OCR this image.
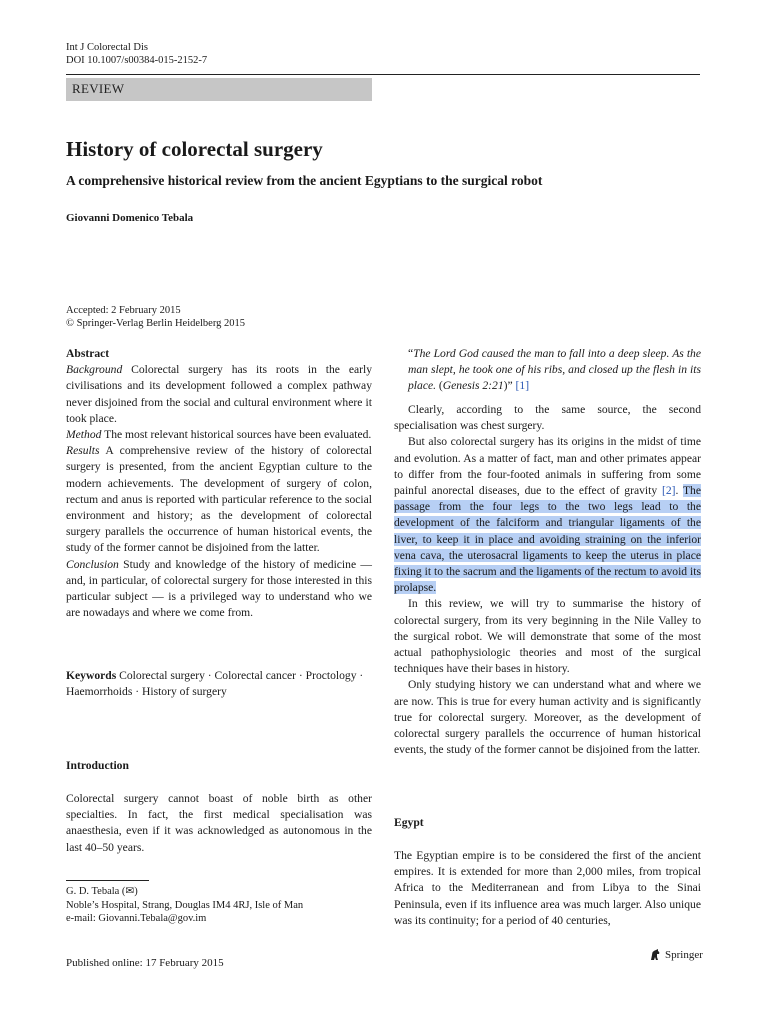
Int J Colorectal Dis
DOI 10.1007/s00384-015-2152-7
REVIEW
History of colorectal surgery
A comprehensive historical review from the ancient Egyptians to the surgical robot
Giovanni Domenico Tebala
Accepted: 2 February 2015
© Springer-Verlag Berlin Heidelberg 2015

Abstract

Background Colorectal surgery has its roots in the early civilisations and its development followed a complex pathway never disjoined from the social and cultural environment where it took place.

Method The most relevant historical sources have been evaluated.

Results A comprehensive review of the history of colorectal surgery is presented, from the ancient Egyptian culture to the modern achievements. The development of surgery of colon, rectum and anus is reported with particular reference to the social environment and history; as the development of colorectal surgery parallels the occurrence of human historical events, the study of the former cannot be disjoined from the latter.

Conclusion Study and knowledge of the history of medicine — and, in particular, of colorectal surgery for those interested in this particular subject — is a privileged way to understand who we are nowadays and where we come from.

Keywords Colorectal surgery · Colorectal cancer · Proctology · Haemorrhoids · History of surgery

Introduction

Colorectal surgery cannot boast of noble birth as other specialties. In fact, the first medical specialisation was anaesthesia, even if it was acknowledged as autonomous in the last 40–50 years.

G. D. Tebala (✉)
Noble’s Hospital, Strang, Douglas IM4 4RJ, Isle of Man
e-mail: Giovanni.Tebala@gov.im
Published online: 17 February 2015
Springer

“The Lord God caused the man to fall into a deep sleep. As the man slept, he took one of his ribs, and closed up the flesh in its place. (Genesis 2:21)” [1]

Clearly, according to the same source, the second specialisation was chest surgery.

But also colorectal surgery has its origins in the midst of time and evolution. As a matter of fact, man and other primates appear to differ from the four-footed animals in suffering from some painful anorectal diseases, due to the effect of gravity [2]. The passage from the four legs to the two legs lead to the development of the falciform and triangular ligaments of the liver, to keep it in place and avoiding straining on the inferior vena cava, the uterosacral ligaments to keep the uterus in place fixing it to the sacrum and the ligaments of the rectum to avoid its prolapse.

In this review, we will try to summarise the history of colorectal surgery, from its very beginning in the Nile Valley to the surgical robot. We will demonstrate that some of the most actual pathophysiologic theories and most of the surgical techniques have their bases in history.

Only studying history we can understand what and where we are now. This is true for every human activity and is significantly true for colorectal surgery. Moreover, as the development of colorectal surgery parallels the occurrence of human historical events, the study of the former cannot be disjoined from the latter.

Egypt

The Egyptian empire is to be considered the first of the ancient empires. It is extended for more than 2,000 miles, from tropical Africa to the Mediterranean and from Libya to the Sinai Peninsula, even if its influence area was much larger. Also unique was its continuity; for a period of 40 centuries,
